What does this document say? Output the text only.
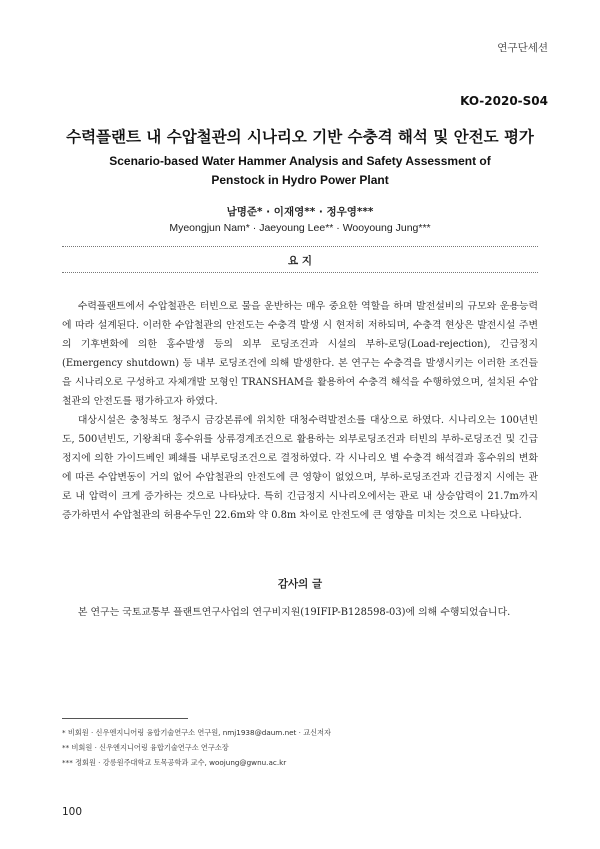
연구단세션
KO-2020-S04
수력플랜트 내 수압철관의 시나리오 기반 수충격 해석 및 안전도 평가
Scenario-based Water Hammer Analysis and Safety Assessment of
Penstock in Hydro Power Plant
남명준* · 이재영** · 정우영***
Myeongjun Nam* · Jaeyoung Lee** · Wooyoung Jung***
요 지

수력플랜트에서 수압철관은 터빈으로 물을 운반하는 매우 중요한 역할을 하며 발전설비의 규모와 운용능력에 따라 설계된다. 이러한 수압철관의 안전도는 수충격 발생 시 현저히 저하되며, 수충격 현상은 발전시설 주변의 기후변화에 의한 홍수발생 등의 외부 로딩조건과 시설의 부하-로딩(Load-rejection), 긴급정지(Emergency shutdown) 등 내부 로딩조건에 의해 발생한다. 본 연구는 수충격을 발생시키는 이러한 조건들을 시나리오로 구성하고 자체개발 모형인 TRANSHAM을 활용하여 수충격 해석을 수행하였으며, 설치된 수압철관의 안전도를 평가하고자 하였다.

대상시설은 충청북도 청주시 금강본류에 위치한 대청수력발전소를 대상으로 하였다. 시나리오는 100년빈도, 500년빈도, 기왕최대 홍수위를 상류경계조건으로 활용하는 외부로딩조건과 터빈의 부하-로딩조건 및 긴급정지에 의한 가이드베인 폐쇄를 내부로딩조건으로 결정하였다. 각 시나리오 별 수충격 해석결과 홍수위의 변화에 따른 수압변동이 거의 없어 수압철관의 안전도에 큰 영향이 없었으며, 부하-로딩조건과 긴급정지 시에는 관로 내 압력이 크게 증가하는 것으로 나타났다. 특히 긴급정지 시나리오에서는 관로 내 상승압력이 21.7m까지 증가하면서 수압철관의 허용수두인 22.6m와 약 0.8m 차이로 안전도에 큰 영향을 미치는 것으로 나타났다.

감사의 글

본 연구는 국토교통부 플랜트연구사업의 연구비지원(19IFIP-B128598-03)에 의해 수행되었습니다.

* 비회원 · 신우엔지니어링 융합기술연구소 연구원, nmj1938@daum.net · 교신저자
** 비회원 · 신우엔지니어링 융합기술연구소 연구소장
*** 정회원 · 강릉원주대학교 토목공학과 교수, woojung@gwnu.ac.kr
100
